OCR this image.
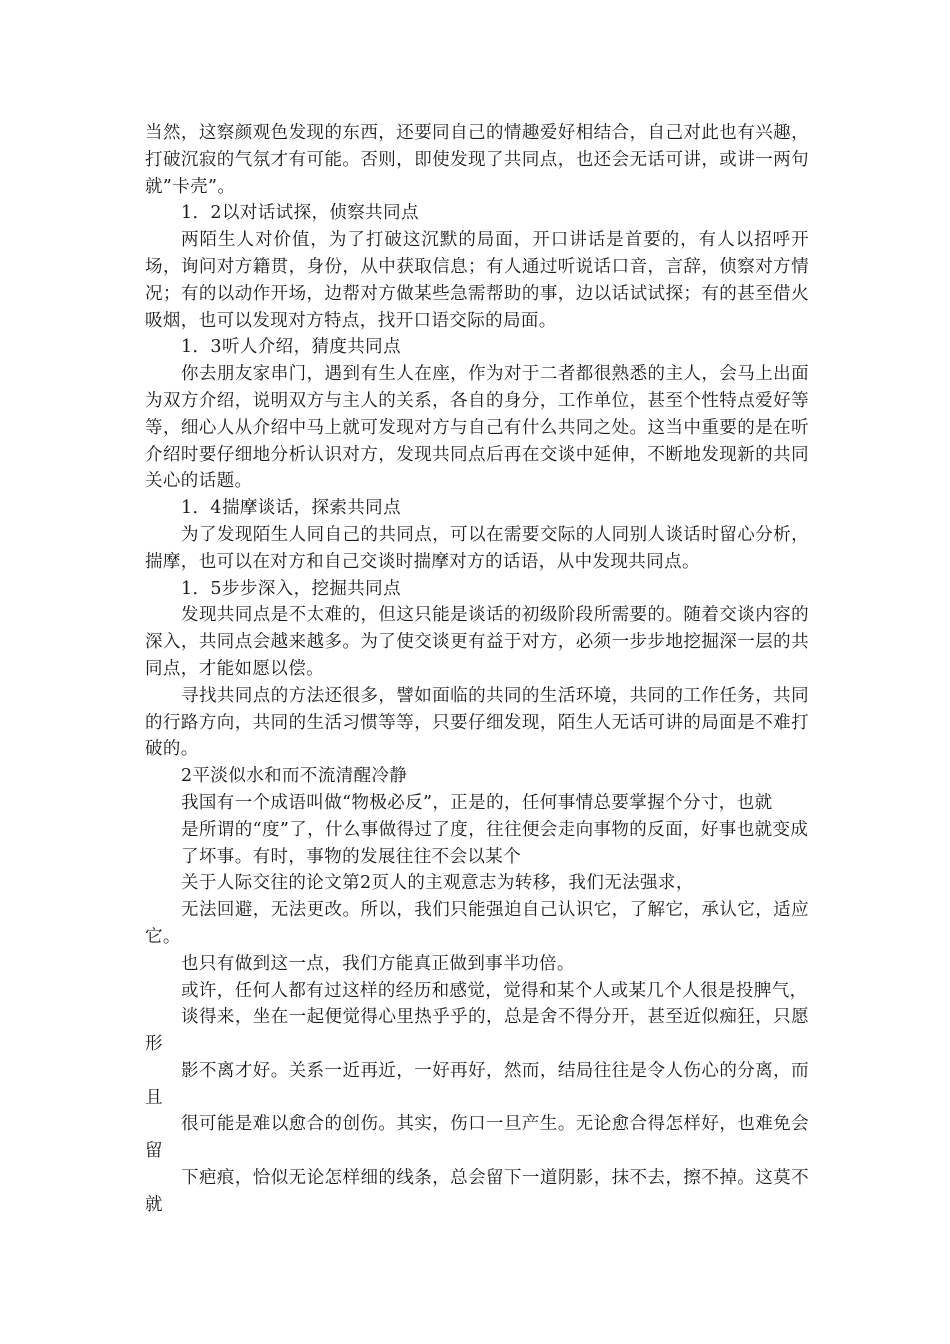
当然，这察颜观色发现的东西，还要同自己的情趣爱好相结合，自己对此也有兴趣，打破沉寂的气氛才有可能。否则，即使发现了共同点，也还会无话可讲，或讲一两句就”卡壳”。

1．2以对话试探，侦察共同点

两陌生人对价值，为了打破这沉默的局面，开口讲话是首要的，有人以招呼开场，询问对方籍贯，身份，从中获取信息；有人通过听说话口音，言辞，侦察对方情况；有的以动作开场，边帮对方做某些急需帮助的事，边以话试试探；有的甚至借火吸烟，也可以发现对方特点，找开口语交际的局面。

1．3听人介绍，猜度共同点

你去朋友家串门，遇到有生人在座，作为对于二者都很熟悉的主人，会马上出面为双方介绍，说明双方与主人的关系，各自的身分，工作单位，甚至个性特点爱好等等，细心人从介绍中马上就可发现对方与自己有什么共同之处。这当中重要的是在听介绍时要仔细地分析认识对方，发现共同点后再在交谈中延伸，不断地发现新的共同关心的话题。

1．4揣摩谈话，探索共同点

为了发现陌生人同自己的共同点，可以在需要交际的人同别人谈话时留心分析，揣摩，也可以在对方和自己交谈时揣摩对方的话语，从中发现共同点。

1．5步步深入，挖掘共同点

发现共同点是不太难的，但这只能是谈话的初级阶段所需要的。随着交谈内容的深入，共同点会越来越多。为了使交谈更有益于对方，必须一步步地挖掘深一层的共同点，才能如愿以偿。

寻找共同点的方法还很多，譬如面临的共同的生活环境，共同的工作任务，共同的行路方向，共同的生活习惯等等，只要仔细发现，陌生人无话可讲的局面是不难打破的。

2平淡似水和而不流清醒冷静

我国有一个成语叫做“物极必反”，正是的，任何事情总要掌握个分寸，也就

是所谓的“度”了，什么事做得过了度，往往便会走向事物的反面，好事也就变成

了坏事。有时，事物的发展往往不会以某个

关于人际交往的论文第2页人的主观意志为转移，我们无法强求，

无法回避，无法更改。所以，我们只能强迫自己认识它，了解它，承认它，适应它。

也只有做到这一点，我们方能真正做到事半功倍。

或许，任何人都有过这样的经历和感觉，觉得和某个人或某几个人很是投脾气，

谈得来，坐在一起便觉得心里热乎乎的，总是舍不得分开，甚至近似痴狂，只愿形

影不离才好。关系一近再近，一好再好，然而，结局往往是令人伤心的分离，而且

很可能是难以愈合的创伤。其实，伤口一旦产生。无论愈合得怎样好，也难免会留

下疤痕，恰似无论怎样细的线条，总会留下一道阴影，抹不去，擦不掉。这莫不就
